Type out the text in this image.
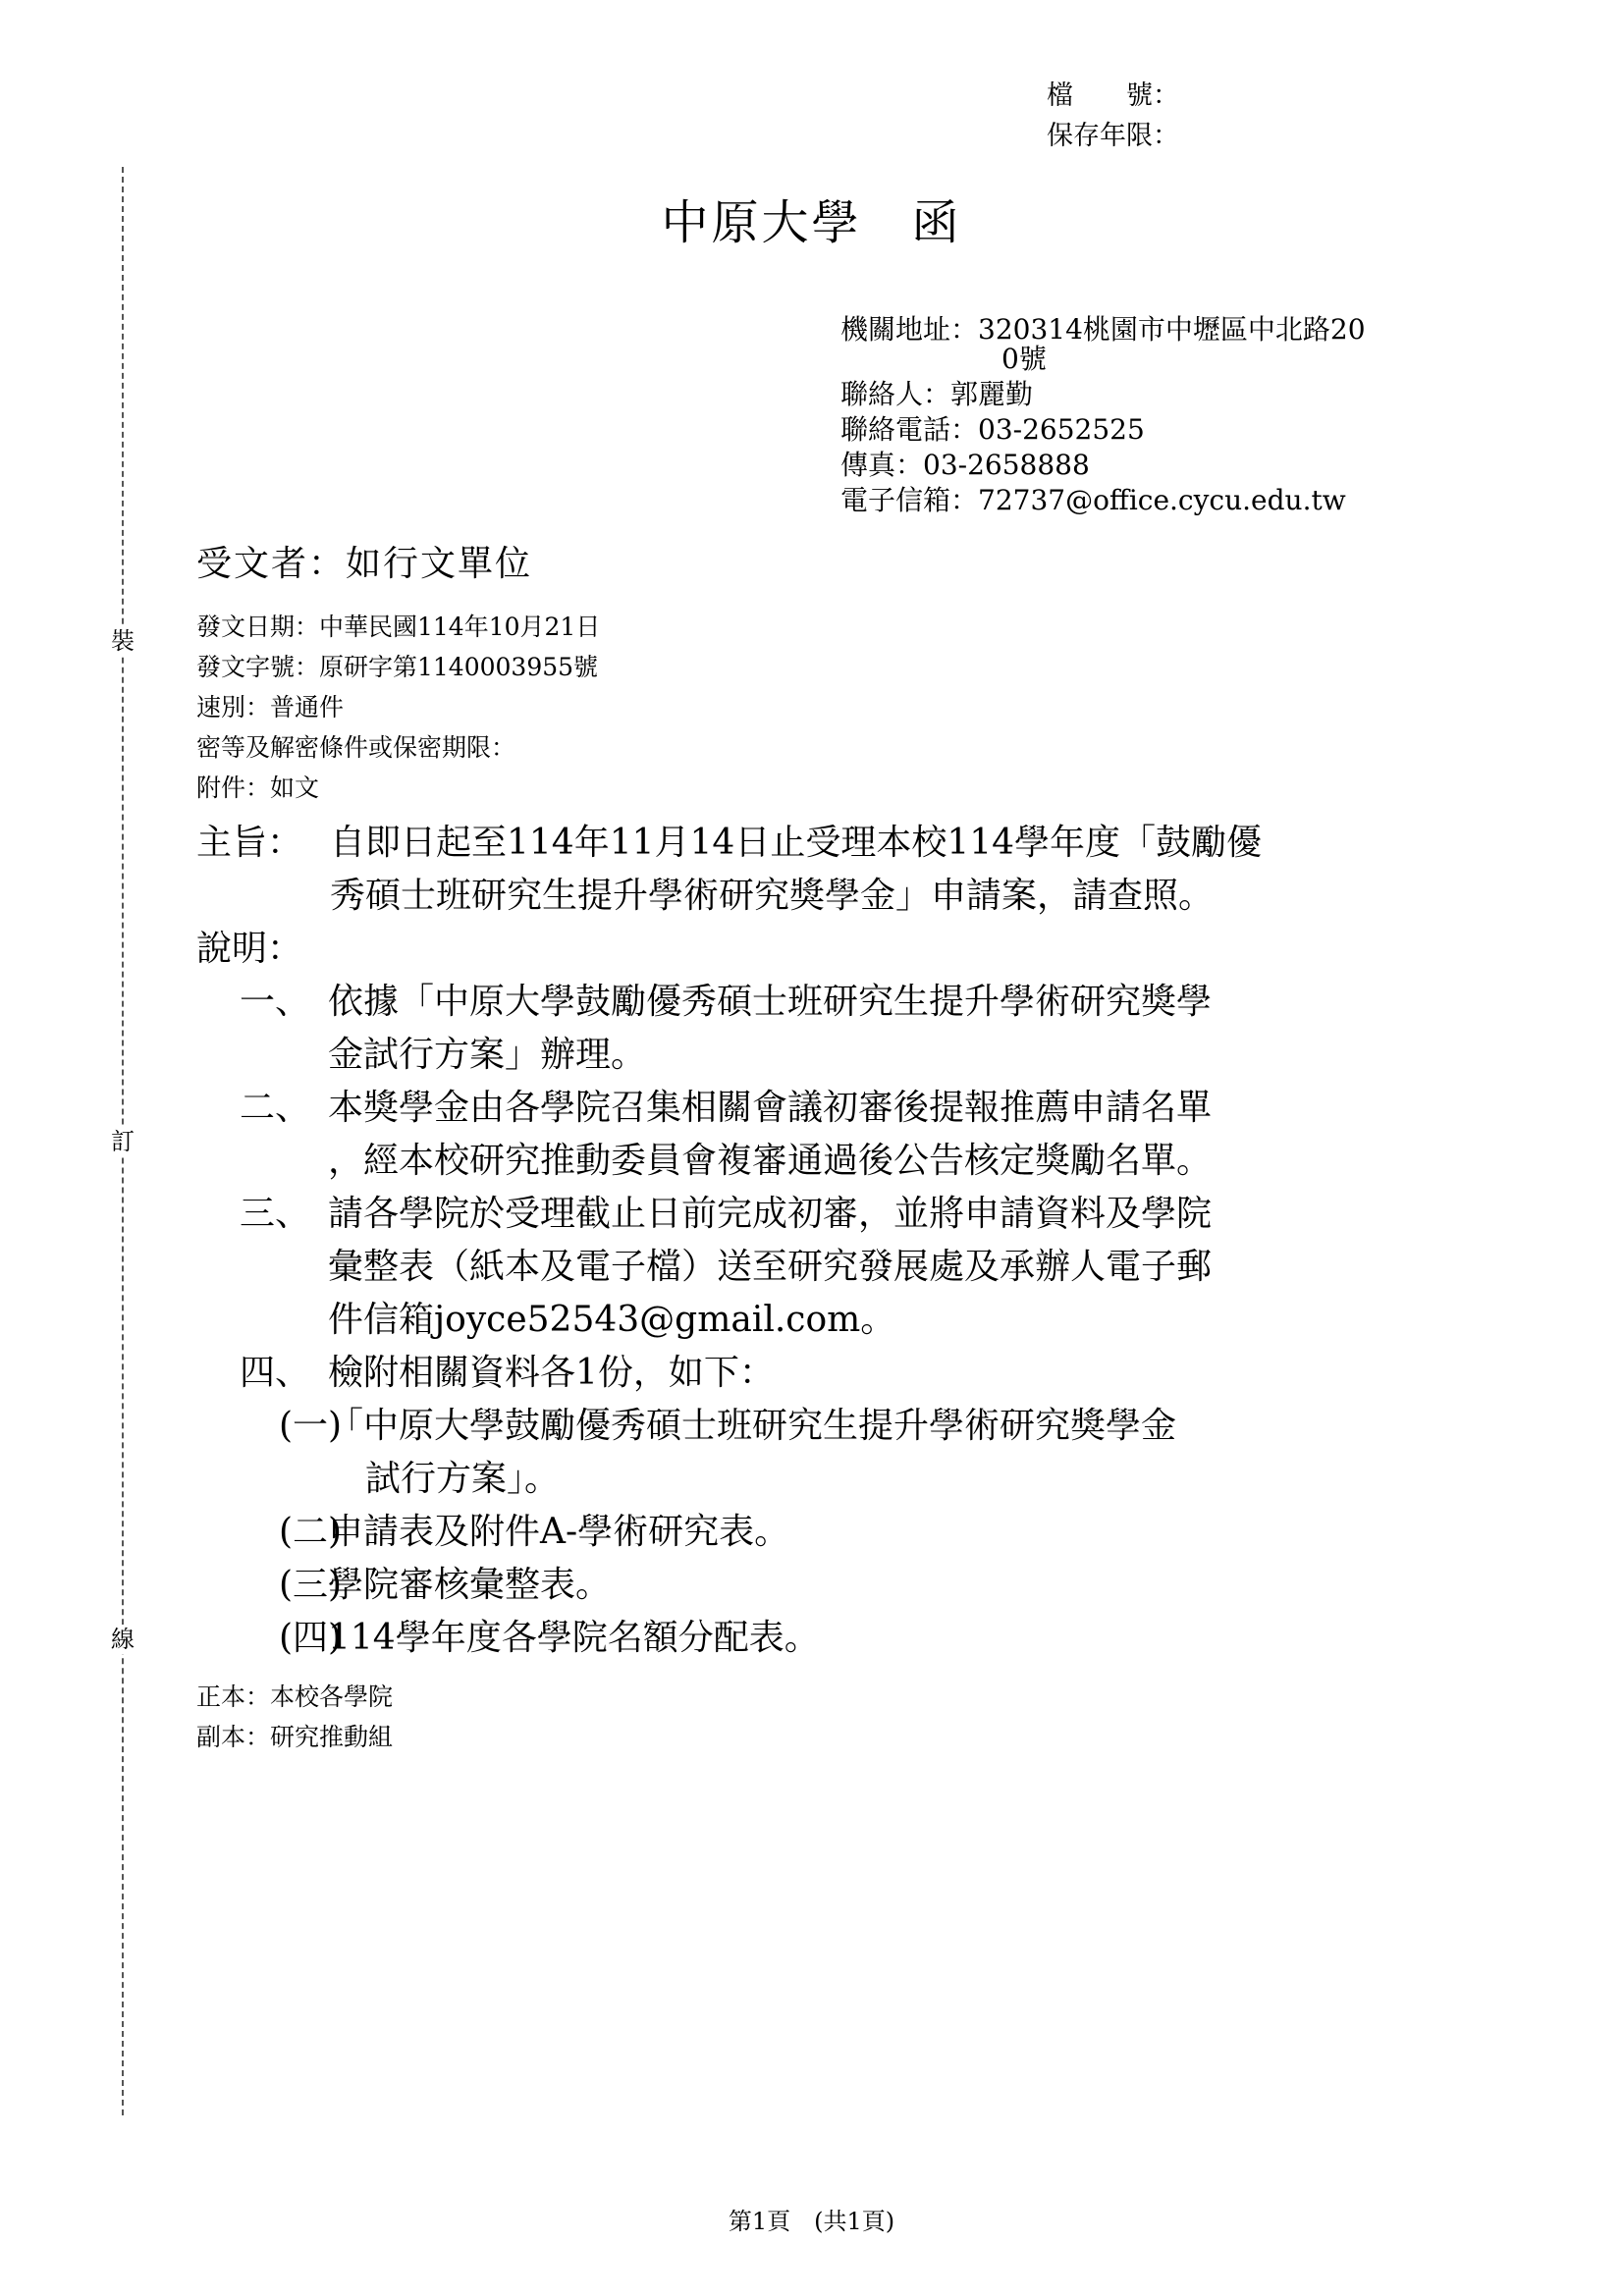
裝
訂
線
檔　　號：
保存年限：
中原大學　函
機關地址：320314桃園市中壢區中北路20
0號
聯絡人：郭麗勤
聯絡電話：03-2652525
傳真：03-2658888
電子信箱：72737@office.cycu.edu.tw
受文者：如行文單位
發文日期：中華民國114年10月21日
發文字號：原研字第1140003955號
速別：普通件
密等及解密條件或保密期限：
附件：如文
主旨： 自即日起至114年11月14日止受理本校114學年度「鼓勵優
秀碩士班研究生提升學術研究獎學金」申請案，請查照。
說明：
一、 依據「中原大學鼓勵優秀碩士班研究生提升學術研究獎學
金試行方案」辦理。
二、 本獎學金由各學院召集相關會議初審後提報推薦申請名單
，經本校研究推動委員會複審通過後公告核定獎勵名單。
三、 請各學院於受理截止日前完成初審，並將申請資料及學院
彙整表（紙本及電子檔）送至研究發展處及承辦人電子郵
件信箱joyce52543@gmail.com。
四、 檢附相關資料各1份，如下：
(一)
「中原大學鼓勵優秀碩士班研究生提升學術研究獎學金
試行方案」。
(二)
申請表及附件A-學術研究表。
(三)
學院審核彙整表。
(四)
114學年度各學院名額分配表。
正本：本校各學院
副本：研究推動組
第1頁　(共1頁)
